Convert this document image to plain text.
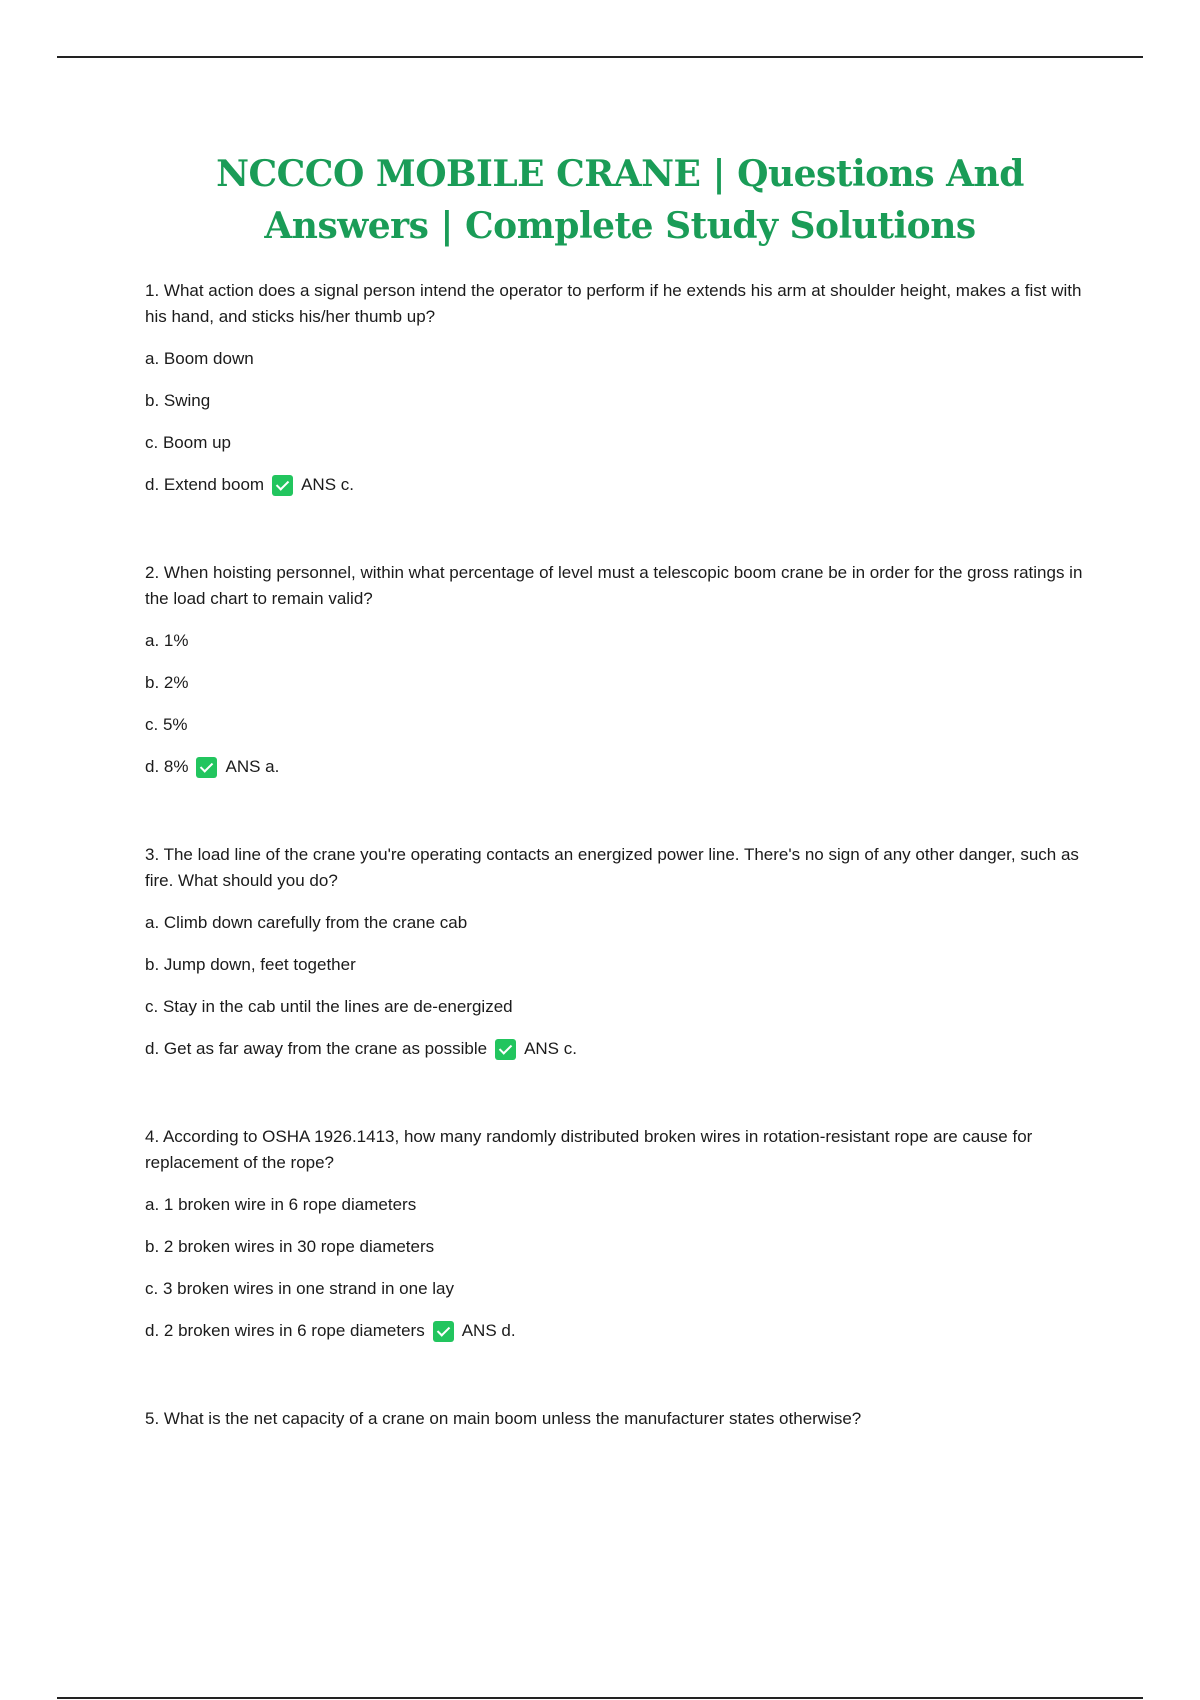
NCCCO MOBILE CRANE | Questions And Answers | Complete Study Solutions

1. What action does a signal person intend the operator to perform if he extends his arm at shoulder height, makes a fist with his hand, and sticks his/her thumb up?

a. Boom down
b. Swing
c. Boom up
d. Extend boom ANS c.

2. When hoisting personnel, within what percentage of level must a telescopic boom crane be in order for the gross ratings in the load chart to remain valid?

a. 1%
b. 2%
c. 5%
d. 8% ANS a.

3. The load line of the crane you're operating contacts an energized power line. There's no sign of any other danger, such as fire. What should you do?

a. Climb down carefully from the crane cab
b. Jump down, feet together
c. Stay in the cab until the lines are de-energized
d. Get as far away from the crane as possible ANS c.

4. According to OSHA 1926.1413, how many randomly distributed broken wires in rotation-resistant rope are cause for replacement of the rope?

a. 1 broken wire in 6 rope diameters
b. 2 broken wires in 30 rope diameters
c. 3 broken wires in one strand in one lay
d. 2 broken wires in 6 rope diameters ANS d.

5. What is the net capacity of a crane on main boom unless the manufacturer states otherwise?
